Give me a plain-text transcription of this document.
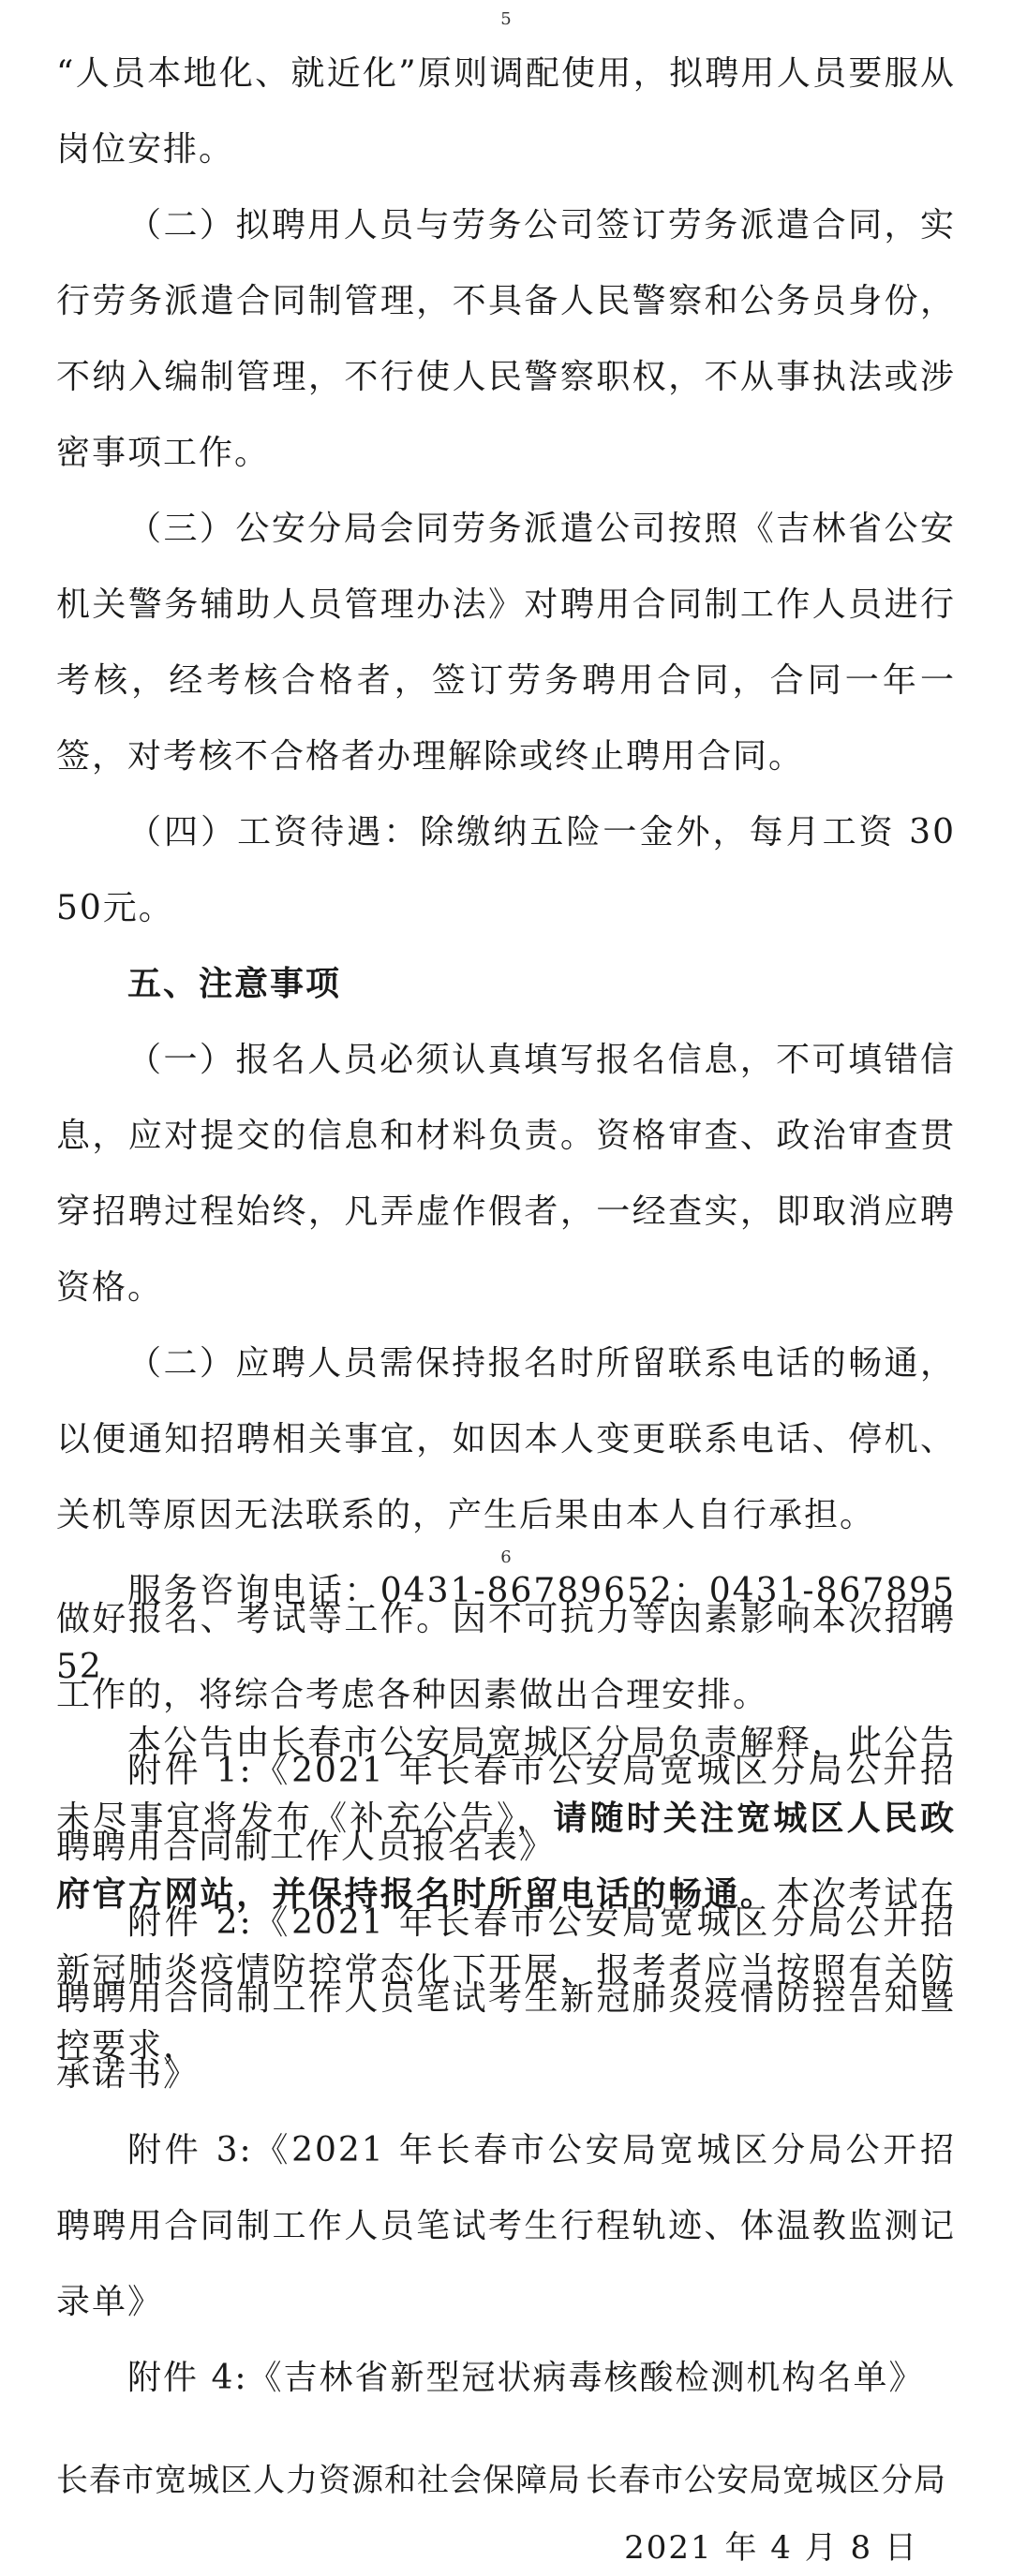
5

“人员本地化、就近化”原则调配使用，拟聘用人员要服从岗位安排。

（二）拟聘用人员与劳务公司签订劳务派遣合同，实行劳务派遣合同制管理，不具备人民警察和公务员身份，不纳入编制管理，不行使人民警察职权，不从事执法或涉密事项工作。

（三）公安分局会同劳务派遣公司按照《吉林省公安机关警务辅助人员管理办法》对聘用合同制工作人员进行考核，经考核合格者，签订劳务聘用合同，合同一年一签，对考核不合格者办理解除或终止聘用合同。

（四）工资待遇：除缴纳五险一金外，每月工资 3050元。

五、注意事项

（一）报名人员必须认真填写报名信息，不可填错信息，应对提交的信息和材料负责。资格审查、政治审查贯穿招聘过程始终，凡弄虚作假者，一经查实，即取消应聘资格。

（二）应聘人员需保持报名时所留联系电话的畅通，以便通知招聘相关事宜，如因本人变更联系电话、停机、关机等原因无法联系的，产生后果由本人自行承担。

服务咨询电话：0431-86789652；0431-86789552

本公告由长春市公安局宽城区分局负责解释，此公告未尽事宜将发布《补充公告》，请随时关注宽城区人民政府官方网站，并保持报名时所留电话的畅通。本次考试在新冠肺炎疫情防控常态化下开展，报考者应当按照有关防控要求，

6

做好报名、考试等工作。因不可抗力等因素影响本次招聘工作的，将综合考虑各种因素做出合理安排。

附件 1:《2021 年长春市公安局宽城区分局公开招聘聘用合同制工作人员报名表》

附件 2:《2021 年长春市公安局宽城区分局公开招聘聘用合同制工作人员笔试考生新冠肺炎疫情防控告知暨承诺书》

附件 3:《2021 年长春市公安局宽城区分局公开招聘聘用合同制工作人员笔试考生行程轨迹、体温教监测记录单》

附件 4:《吉林省新型冠状病毒核酸检测机构名单》

长春市宽城区人力资源和社会保障局 长春市公安局宽城区分局
2021 年 4 月 8 日
